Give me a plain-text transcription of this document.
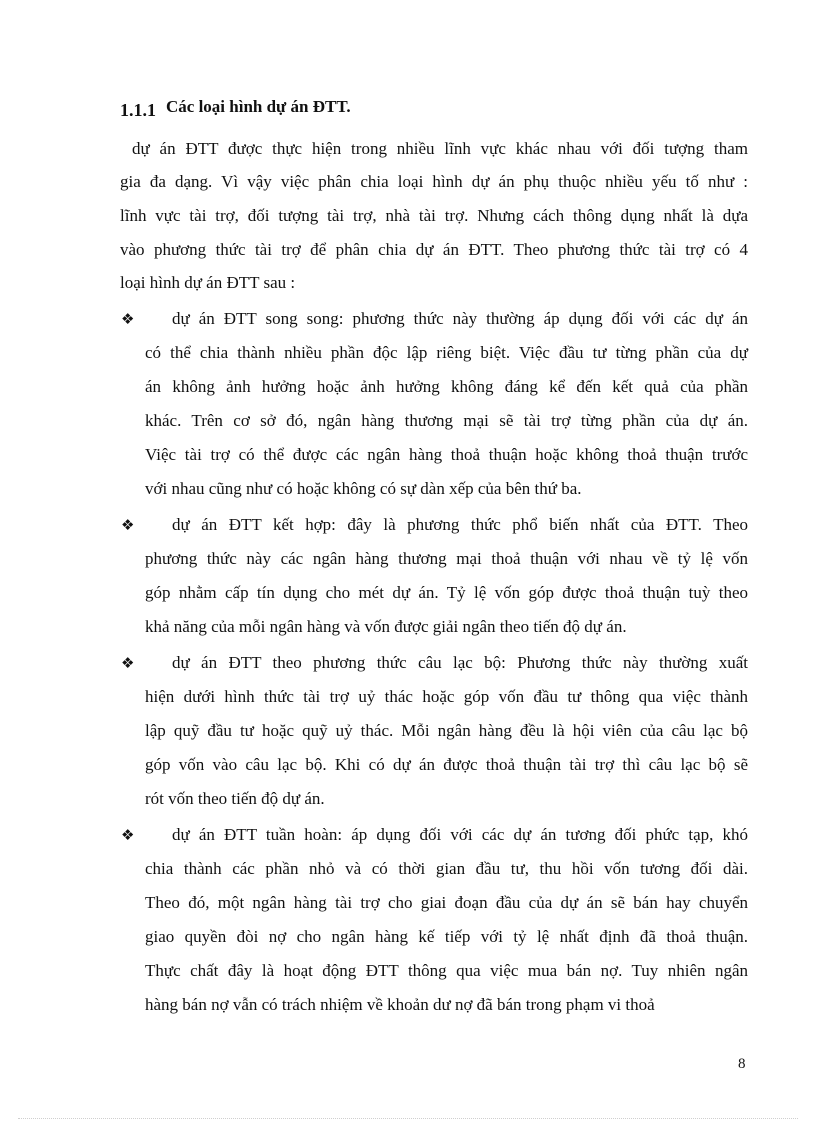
1.1.1 Các loại hình dự án ĐTT.
dự án ĐTT được thực hiện trong nhiều lĩnh vực khác nhau với đối tượng tham
gia đa dạng. Vì vậy việc phân chia loại hình dự án phụ thuộc nhiều yếu tố như :
lĩnh vực tài trợ, đối tượng tài trợ, nhà tài trợ. Nhưng cách thông dụng nhất là dựa
vào phương thức tài trợ để phân chia dự án ĐTT. Theo phương thức tài trợ có 4
loại hình dự án ĐTT sau :
❖ dự án ĐTT song song: phương thức này thường áp dụng đối với các dự án
có thể chia thành nhiều phần độc lập riêng biệt. Việc đầu tư từng phần của dự
án không ảnh hưởng hoặc ảnh hưởng không đáng kể đến kết quả của phần
khác. Trên cơ sở đó, ngân hàng thương mại sẽ tài trợ từng phần của dự án.
Việc tài trợ có thể được các ngân hàng thoả thuận hoặc không thoả thuận trước
với nhau cũng như có hoặc không có sự dàn xếp của bên thứ ba.
❖ dự án ĐTT kết hợp: đây là phương thức phổ biến nhất của ĐTT. Theo
phương thức này các ngân hàng thương mại thoả thuận với nhau về tỷ lệ vốn
góp nhằm cấp tín dụng cho mét dự án. Tỷ lệ vốn góp được thoả thuận tuỳ theo
khả năng của mỗi ngân hàng và vốn được giải ngân theo tiến độ dự án.
❖ dự án ĐTT theo phương thức câu lạc bộ: Phương thức này thường xuất
hiện dưới hình thức tài trợ uỷ thác hoặc góp vốn đầu tư thông qua việc thành
lập quỹ đầu tư hoặc quỹ uỷ thác. Mỗi ngân hàng đều là hội viên của câu lạc bộ
góp vốn vào câu lạc bộ. Khi có dự án được thoả thuận tài trợ thì câu lạc bộ sẽ
rót vốn theo tiến độ dự án.
❖ dự án ĐTT tuần hoàn: áp dụng đối với các dự án tương đối phức tạp, khó
chia thành các phần nhỏ và có thời gian đầu tư, thu hồi vốn tương đối dài.
Theo đó, một ngân hàng tài trợ cho giai đoạn đầu của dự án sẽ bán hay chuyển
giao quyền đòi nợ cho ngân hàng kế tiếp với tỷ lệ nhất định đã thoả thuận.
Thực chất đây là hoạt động ĐTT thông qua việc mua bán nợ. Tuy nhiên ngân
hàng bán nợ vẫn có trách nhiệm về khoản dư nợ đã bán trong phạm vi thoả
8
